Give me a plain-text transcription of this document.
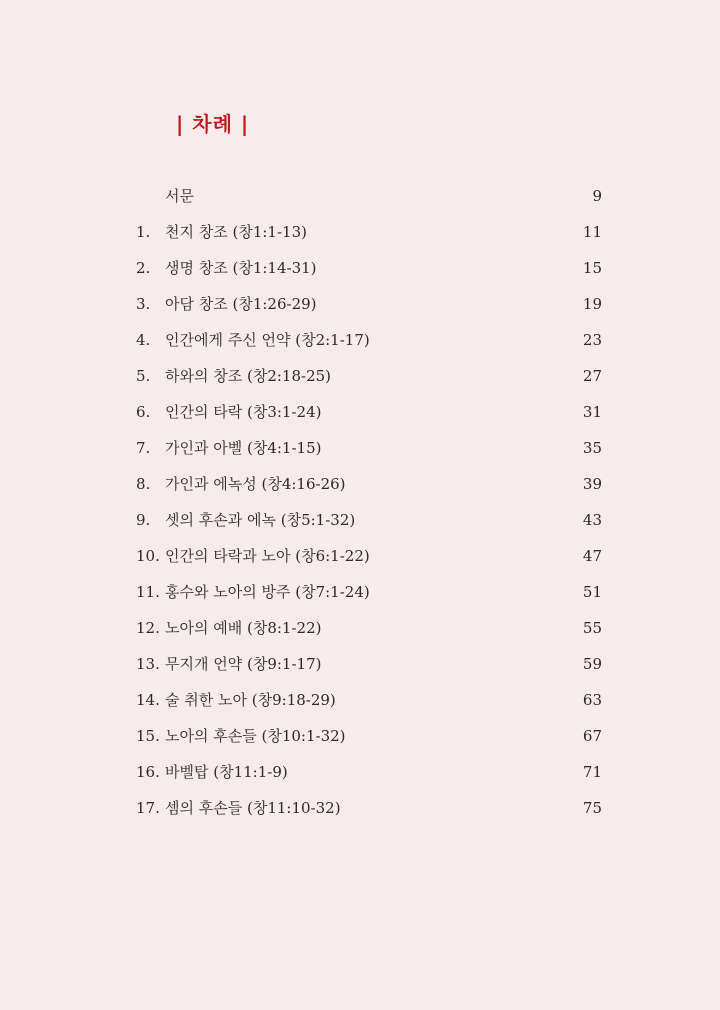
| 차례 |
서문	9
1. 천지 창조 (창1:1-13)	11
2. 생명 창조 (창1:14-31)	15
3. 아담 창조 (창1:26-29)	19
4. 인간에게 주신 언약 (창2:1-17)	23
5. 하와의 창조 (창2:18-25)	27
6. 인간의 타락 (창3:1-24)	31
7. 가인과 아벨 (창4:1-15)	35
8. 가인과 에녹성 (창4:16-26)	39
9. 셋의 후손과 에녹 (창5:1-32)	43
10. 인간의 타락과 노아 (창6:1-22)	47
11. 홍수와 노아의 방주 (창7:1-24)	51
12. 노아의 예배 (창8:1-22)	55
13. 무지개 언약 (창9:1-17)	59
14. 술 취한 노아 (창9:18-29)	63
15. 노아의 후손들 (창10:1-32)	67
16. 바벨탑 (창11:1-9)	71
17. 셈의 후손들 (창11:10-32)	75
